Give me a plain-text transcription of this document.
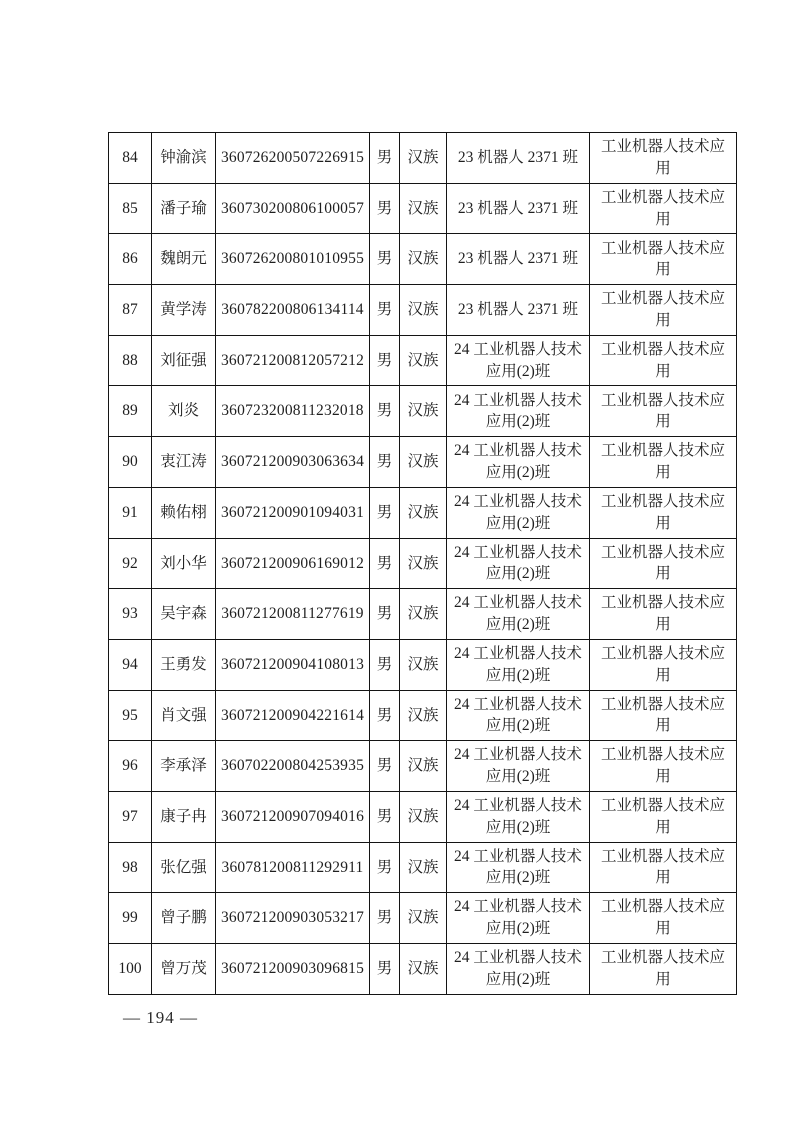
84	钟渝滨	360726200507226915	男	汉族	23 机器人 2371 班	工业机器人技术应用
85	潘子瑜	360730200806100057	男	汉族	23 机器人 2371 班	工业机器人技术应用
86	魏朗元	360726200801010955	男	汉族	23 机器人 2371 班	工业机器人技术应用
87	黄学涛	360782200806134114	男	汉族	23 机器人 2371 班	工业机器人技术应用
88	刘征强	360721200812057212	男	汉族	24 工业机器人技术应用(2)班	工业机器人技术应用
89	刘炎	360723200811232018	男	汉族	24 工业机器人技术应用(2)班	工业机器人技术应用
90	衷江涛	360721200903063634	男	汉族	24 工业机器人技术应用(2)班	工业机器人技术应用
91	赖佑栩	360721200901094031	男	汉族	24 工业机器人技术应用(2)班	工业机器人技术应用
92	刘小华	360721200906169012	男	汉族	24 工业机器人技术应用(2)班	工业机器人技术应用
93	吴宇森	360721200811277619	男	汉族	24 工业机器人技术应用(2)班	工业机器人技术应用
94	王勇发	360721200904108013	男	汉族	24 工业机器人技术应用(2)班	工业机器人技术应用
95	肖文强	360721200904221614	男	汉族	24 工业机器人技术应用(2)班	工业机器人技术应用
96	李承泽	360702200804253935	男	汉族	24 工业机器人技术应用(2)班	工业机器人技术应用
97	康子冉	360721200907094016	男	汉族	24 工业机器人技术应用(2)班	工业机器人技术应用
98	张亿强	360781200811292911	男	汉族	24 工业机器人技术应用(2)班	工业机器人技术应用
99	曾子鹏	360721200903053217	男	汉族	24 工业机器人技术应用(2)班	工业机器人技术应用
100	曾万茂	360721200903096815	男	汉族	24 工业机器人技术应用(2)班	工业机器人技术应用
— 194 —
